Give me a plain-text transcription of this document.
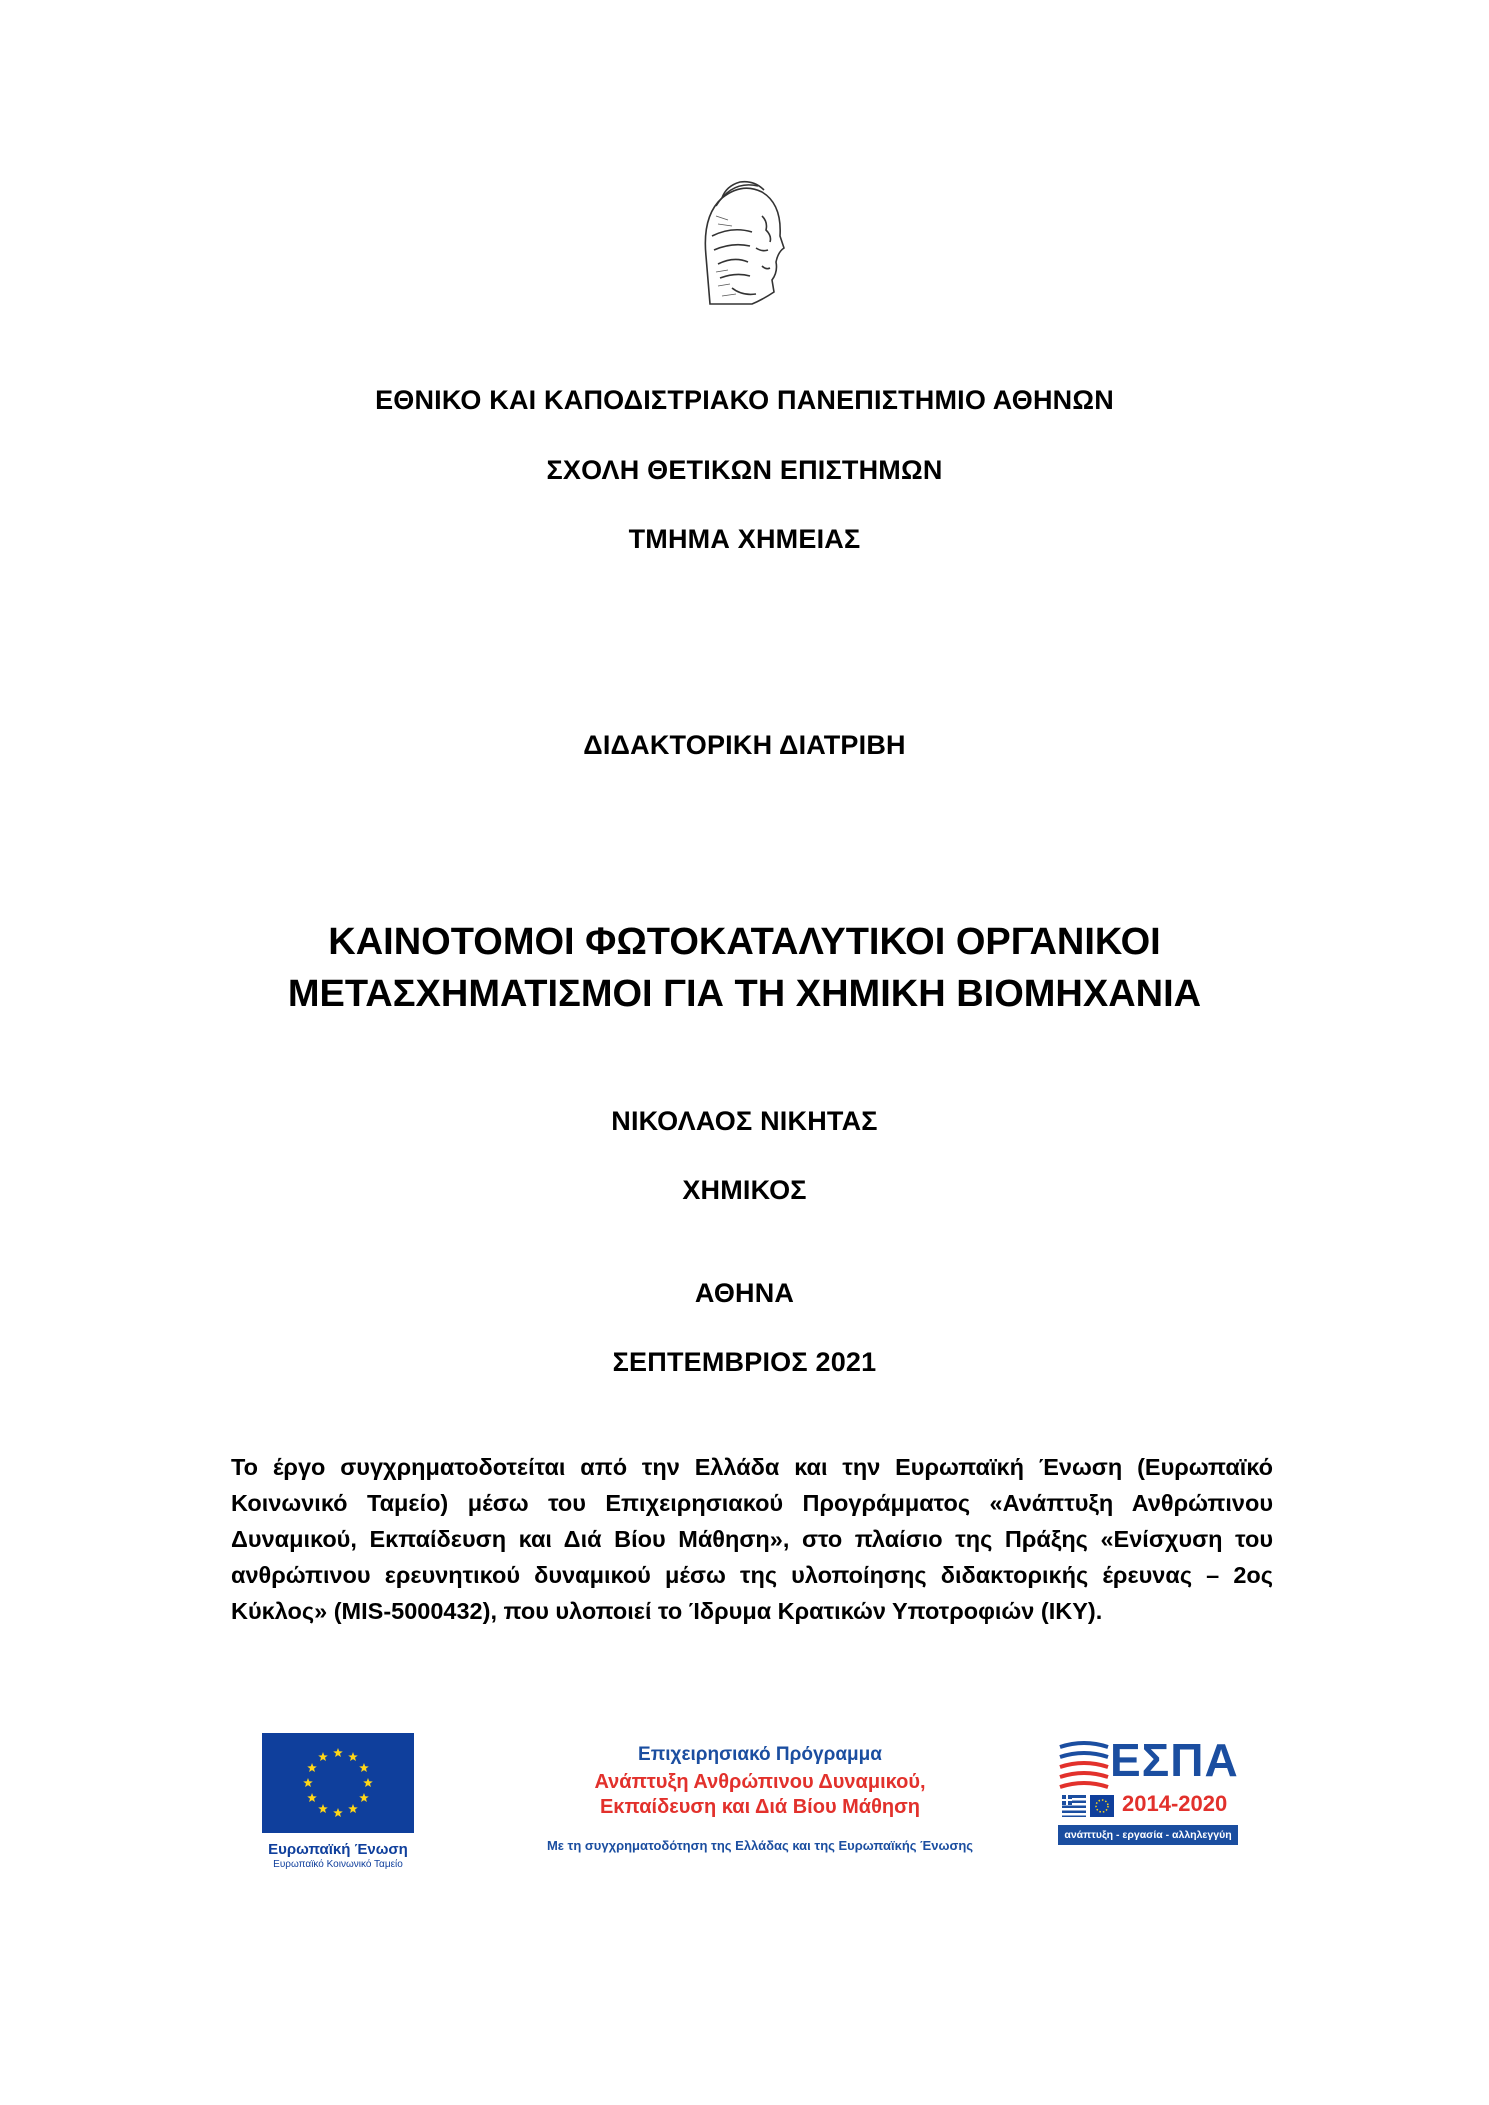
ΕΘΝΙΚΟ ΚΑΙ ΚΑΠΟΔΙΣΤΡΙΑΚΟ ΠΑΝΕΠΙΣΤΗΜΙΟ ΑΘΗΝΩΝ
ΣΧΟΛΗ ΘΕΤΙΚΩΝ ΕΠΙΣΤΗΜΩΝ
ΤΜΗΜΑ ΧΗΜΕΙΑΣ
ΔΙΔΑΚΤΟΡΙΚΗ ΔΙΑΤΡΙΒΗ
ΚΑΙΝΟΤΟΜΟΙ ΦΩΤΟΚΑΤΑΛΥΤΙΚΟΙ ΟΡΓΑΝΙΚΟΙ
ΜΕΤΑΣΧΗΜΑΤΙΣΜΟΙ ΓΙΑ ΤΗ ΧΗΜΙΚΗ ΒΙΟΜΗΧΑΝΙΑ
ΝΙΚΟΛΑΟΣ ΝΙΚΗΤΑΣ
ΧΗΜΙΚΟΣ
ΑΘΗΝΑ
ΣΕΠΤΕΜΒΡΙΟΣ 2021
Το έργο συγχρηματοδοτείται από την Ελλάδα και την Ευρωπαϊκή Ένωση (Ευρωπαϊκό Κοινωνικό Ταμείο) μέσω του Επιχειρησιακού Προγράμματος «Ανάπτυξη Ανθρώπινου Δυναμικού, Εκπαίδευση και Διά Βίου Μάθηση», στο πλαίσιο της Πράξης «Ενίσχυση του ανθρώπινου ερευνητικού δυναμικού μέσω της υλοποίησης διδακτορικής έρευνας – 2ος Κύκλος» (MIS-5000432), που υλοποιεί το Ίδρυμα Κρατικών Υποτροφιών (ΙΚΥ).
Ευρωπαϊκή Ένωση
Ευρωπαϊκό Κοινωνικό Ταμείο
Επιχειρησιακό Πρόγραμμα
Ανάπτυξη Ανθρώπινου Δυναμικού,
Εκπαίδευση και Διά Βίου Μάθηση
Με τη συγχρηματοδότηση της Ελλάδας και της Ευρωπαϊκής Ένωσης
ΕΣΠΑ
2014-2020
ανάπτυξη - εργασία - αλληλεγγύη
